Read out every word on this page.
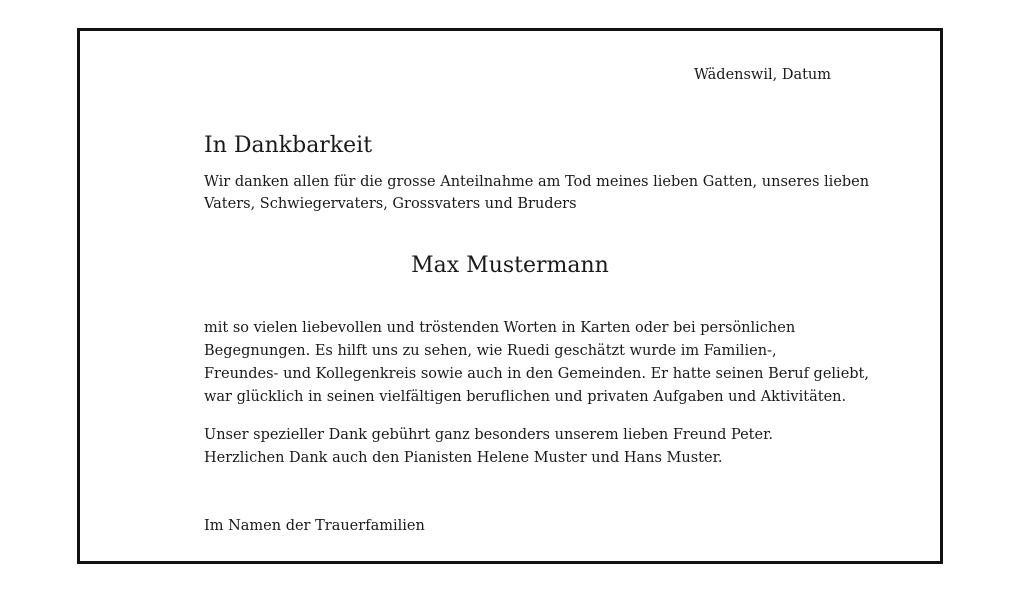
Wädenswil, Datum
In Dankbarkeit
Wir danken allen für die grosse Anteilnahme am Tod meines lieben Gatten, unseres lieben
Vaters, Schwiegervaters, Grossvaters und Bruders
Max Mustermann
mit so vielen liebevollen und tröstenden Worten in Karten oder bei persönlichen
Begegnungen. Es hilft uns zu sehen, wie Ruedi geschätzt wurde im Familien-,
Freundes- und Kollegenkreis sowie auch in den Gemeinden. Er hatte seinen Beruf geliebt,
war glücklich in seinen vielfältigen beruflichen und privaten Aufgaben und Aktivitäten.
Unser spezieller Dank gebührt ganz besonders unserem lieben Freund Peter.
Herzlichen Dank auch den Pianisten Helene Muster und Hans Muster.
Im Namen der Trauerfamilien
